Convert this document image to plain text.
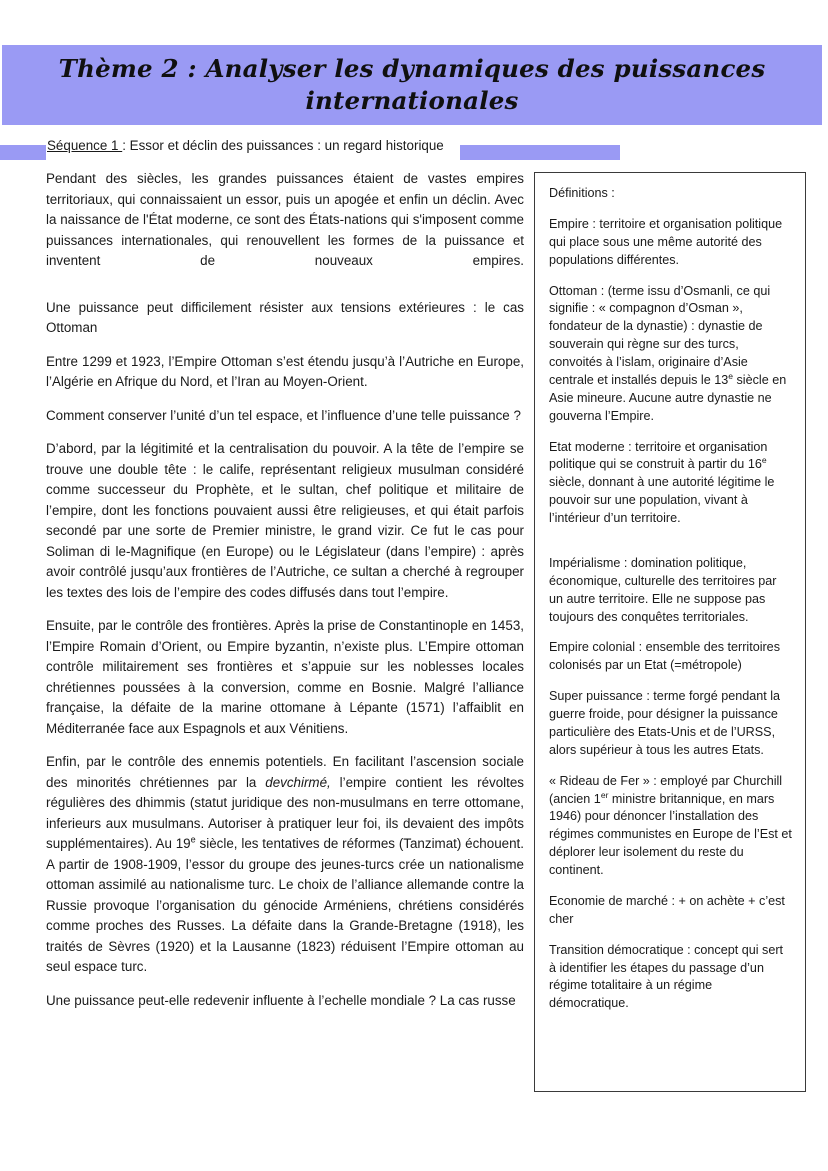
Thème 2 : Analyser les dynamiques des puissances
internationales
Séquence 1 : Essor et déclin des puissances : un regard historique

Pendant des siècles, les grandes puissances étaient de vastes empires territoriaux, qui connaissaient un essor, puis un apogée et enfin un déclin. Avec la naissance de l'État moderne, ce sont des États-nations qui s'imposent comme puissances internationales, qui renouvellent les formes de la puissance et inventent de nouveaux empires.

Une puissance peut difficilement résister aux tensions extérieures : le cas Ottoman

Entre 1299 et 1923, l’Empire Ottoman s’est étendu jusqu’à l’Autriche en Europe, l’Algérie en Afrique du Nord, et l’Iran au Moyen-Orient.

Comment conserver l’unité d’un tel espace, et l’influence d’une telle puissance ?

D’abord, par la légitimité et la centralisation du pouvoir. A la tête de l’empire se trouve une double tête : le calife, représentant religieux musulman considéré comme successeur du Prophète, et le sultan, chef politique et militaire de l’empire, dont les fonctions pouvaient aussi être religieuses, et qui était parfois secondé par une sorte de Premier ministre, le grand vizir. Ce fut le cas pour Soliman di le-Magnifique (en Europe) ou le Législateur (dans l’empire) : après avoir contrôlé jusqu’aux frontières de l’Autriche, ce sultan a cherché à regrouper les textes des lois de l’empire des codes diffusés dans tout l’empire.

Ensuite, par le contrôle des frontières. Après la prise de Constantinople en 1453, l’Empire Romain d’Orient, ou Empire byzantin, n’existe plus. L’Empire ottoman contrôle militairement ses frontières et s’appuie sur les noblesses locales chrétiennes poussées à la conversion, comme en Bosnie. Malgré l’alliance française, la défaite de la marine ottomane à Lépante (1571) l’affaiblit en Méditerranée face aux Espagnols et aux Vénitiens.

Enfin, par le contrôle des ennemis potentiels. En facilitant l’ascension sociale des minorités chrétiennes par la devchirmé, l’empire contient les révoltes régulières des dhimmis (statut juridique des non-musulmans en terre ottomane, inferieurs aux musulmans. Autoriser à pratiquer leur foi, ils devaient des impôts supplémentaires). Au 19e siècle, les tentatives de réformes (Tanzimat) échouent. A partir de 1908-1909, l’essor du groupe des jeunes-turcs crée un nationalisme ottoman assimilé au nationalisme turc. Le choix de l’alliance allemande contre la Russie provoque l’organisation du génocide Arméniens, chrétiens considérés comme proches des Russes. La défaite dans la Grande-Bretagne (1918), les traités de Sèvres (1920) et la Lausanne (1823) réduisent l’Empire ottoman au seul espace turc.

Une puissance peut-elle redevenir influente à l’echelle mondiale ? La cas russe

Définitions :

Empire : territoire et organisation politique qui place sous une même autorité des populations différentes.

Ottoman : (terme issu d’Osmanli, ce qui signifie : « compagnon d’Osman », fondateur de la dynastie) : dynastie de souverain qui règne sur des turcs, convoités à l’islam, originaire d’Asie centrale et installés depuis le 13e siècle en Asie mineure. Aucune autre dynastie ne gouverna l’Empire.

Etat moderne : territoire et organisation politique qui se construit à partir du 16e siècle, donnant à une autorité légitime le pouvoir sur une population, vivant à l’intérieur d’un territoire.

Impérialisme : domination politique, économique, culturelle des territoires par un autre territoire. Elle ne suppose pas toujours des conquêtes territoriales.

Empire colonial : ensemble des territoires colonisés par un Etat (=métropole)

Super puissance : terme forgé pendant la guerre froide, pour désigner la puissance particulière des Etats-Unis et de l’URSS, alors supérieur à tous les autres Etats.

« Rideau de Fer » : employé par Churchill (ancien 1er ministre britannique, en mars 1946) pour dénoncer l’installation des régimes communistes en Europe de l’Est et déplorer leur isolement du reste du continent.

Economie de marché : + on achète + c’est cher

Transition démocratique : concept qui sert à identifier les étapes du passage d’un régime totalitaire à un régime démocratique.
